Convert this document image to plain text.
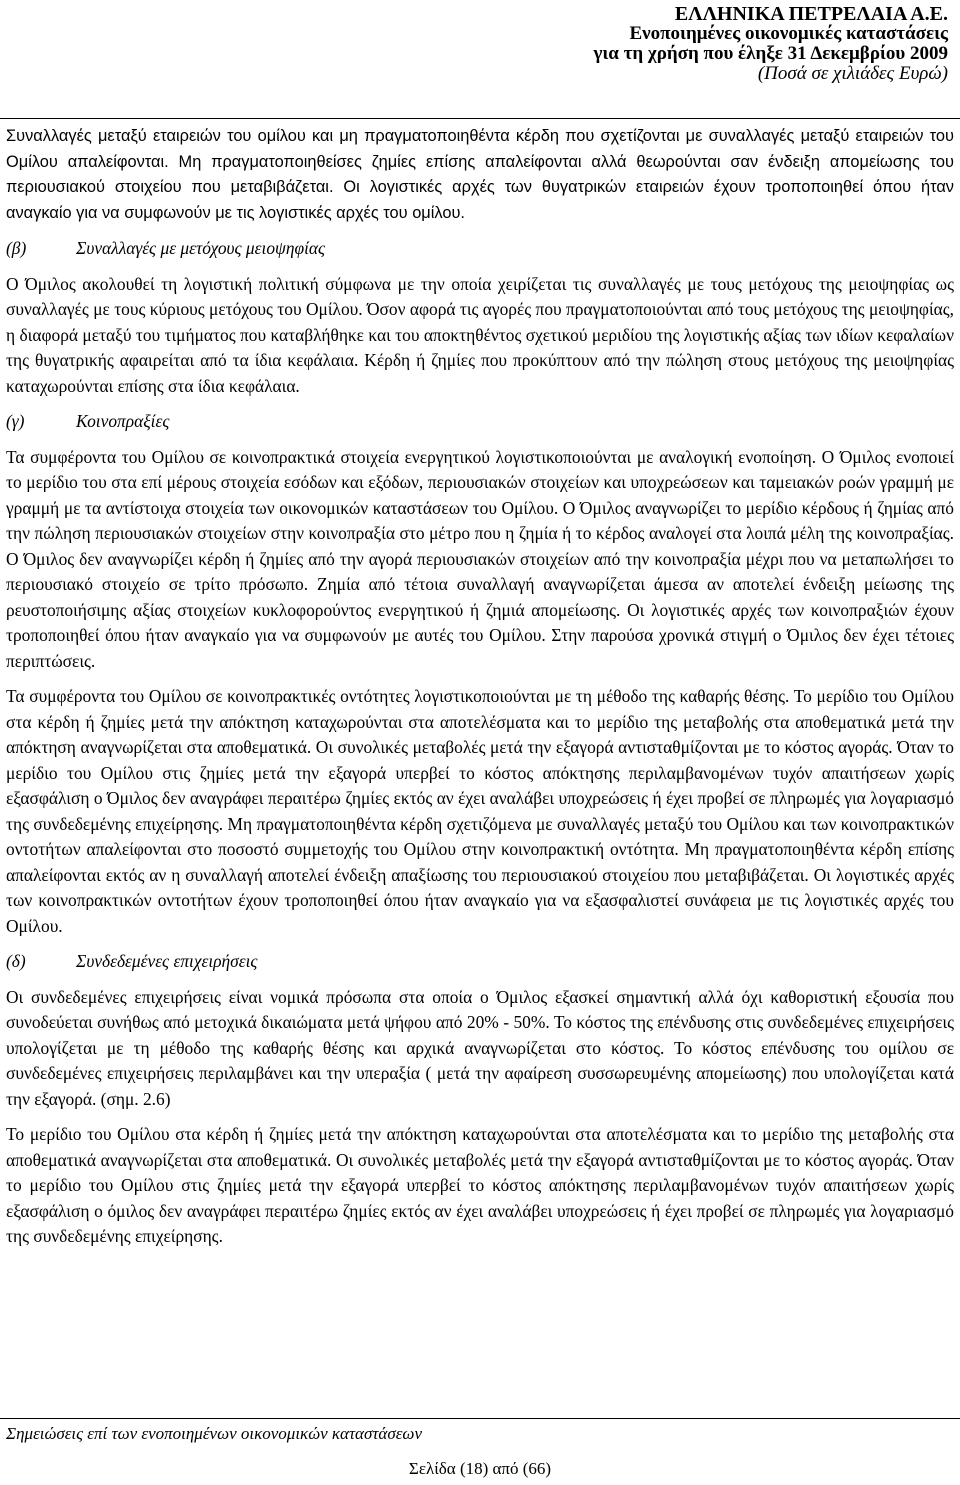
ΕΛΛΗΝΙΚΑ ΠΕΤΡΕΛΑΙΑ Α.Ε.
Ενοποιημένες οικονομικές καταστάσεις
για τη χρήση που έληξε 31 Δεκεμβρίου 2009
(Ποσά σε χιλιάδες Ευρώ)

Συναλλαγές μεταξύ εταιρειών του ομίλου και μη πραγματοποιηθέντα κέρδη που σχετίζονται με συναλλαγές μεταξύ εταιρειών του Ομίλου απαλείφονται. Μη πραγματοποιηθείσες ζημίες επίσης απαλείφονται αλλά θεωρούνται σαν ένδειξη απομείωσης του περιουσιακού στοιχείου που μεταβιβάζεται. Οι λογιστικές αρχές των θυγατρικών εταιρειών έχουν τροποποιηθεί όπου ήταν αναγκαίο για να συμφωνούν με τις λογιστικές αρχές του ομίλου.

(β)	Συναλλαγές με μετόχους μειοψηφίας

Ο Όμιλος ακολουθεί τη λογιστική πολιτική σύμφωνα με την οποία χειρίζεται τις συναλλαγές με τους μετόχους της μειοψηφίας ως συναλλαγές με τους κύριους μετόχους του Ομίλου. Όσον αφορά τις αγορές που πραγματοποιούνται από τους μετόχους της μειοψηφίας, η διαφορά μεταξύ του τιμήματος που καταβλήθηκε και του αποκτηθέντος σχετικού μεριδίου της λογιστικής αξίας των ιδίων κεφαλαίων της θυγατρικής αφαιρείται από τα ίδια κεφάλαια. Κέρδη ή ζημίες που προκύπτουν από την πώληση στους μετόχους της μειοψηφίας καταχωρούνται επίσης στα ίδια κεφάλαια.

(γ)	Κοινοπραξίες

Τα συμφέροντα του Ομίλου σε κοινοπρακτικά στοιχεία ενεργητικού λογιστικοποιούνται με αναλογική ενοποίηση. Ο Όμιλος ενοποιεί το μερίδιο του στα επί μέρους στοιχεία εσόδων και εξόδων, περιουσιακών στοιχείων και υποχρεώσεων και ταμειακών ροών γραμμή με γραμμή με τα αντίστοιχα στοιχεία των οικονομικών καταστάσεων του Ομίλου. Ο Όμιλος αναγνωρίζει το μερίδιο κέρδους ή ζημίας από την πώληση περιουσιακών στοιχείων στην κοινοπραξία στο μέτρο που η ζημία ή το κέρδος αναλογεί στα λοιπά μέλη της κοινοπραξίας. Ο Όμιλος δεν αναγνωρίζει κέρδη ή ζημίες από την αγορά περιουσιακών στοιχείων από την κοινοπραξία μέχρι που να μεταπωλήσει το περιουσιακό στοιχείο σε τρίτο πρόσωπο. Ζημία από τέτοια συναλλαγή αναγνωρίζεται άμεσα αν αποτελεί ένδειξη μείωσης της ρευστοποιήσιμης αξίας στοιχείων κυκλοφορούντος ενεργητικού ή ζημιά απομείωσης. Οι λογιστικές αρχές των κοινοπραξιών έχουν τροποποιηθεί όπου ήταν αναγκαίο για να συμφωνούν με αυτές του Ομίλου. Στην παρούσα χρονικά στιγμή ο Όμιλος δεν έχει τέτοιες περιπτώσεις.

Τα συμφέροντα του Ομίλου σε κοινοπρακτικές οντότητες λογιστικοποιούνται με τη μέθοδο της καθαρής θέσης. Το μερίδιο του Ομίλου στα κέρδη ή ζημίες μετά την απόκτηση καταχωρούνται στα αποτελέσματα και το μερίδιο της μεταβολής στα αποθεματικά μετά την απόκτηση αναγνωρίζεται στα αποθεματικά. Οι συνολικές μεταβολές μετά την εξαγορά αντισταθμίζονται με το κόστος αγοράς. Όταν το μερίδιο του Ομίλου στις ζημίες μετά την εξαγορά υπερβεί το κόστος απόκτησης περιλαμβανομένων τυχόν απαιτήσεων χωρίς εξασφάλιση ο Όμιλος δεν αναγράφει περαιτέρω ζημίες εκτός αν έχει αναλάβει υποχρεώσεις ή έχει προβεί σε πληρωμές για λογαριασμό της συνδεδεμένης επιχείρησης. Μη πραγματοποιηθέντα κέρδη σχετιζόμενα με συναλλαγές μεταξύ του Ομίλου και των κοινοπρακτικών οντοτήτων απαλείφονται στο ποσοστό συμμετοχής του Ομίλου στην κοινοπρακτική οντότητα. Μη πραγματοποιηθέντα κέρδη επίσης απαλείφονται εκτός αν η συναλλαγή αποτελεί ένδειξη απαξίωσης του περιουσιακού στοιχείου που μεταβιβάζεται. Οι λογιστικές αρχές των κοινοπρακτικών οντοτήτων έχουν τροποποιηθεί όπου ήταν αναγκαίο για να εξασφαλιστεί συνάφεια με τις λογιστικές αρχές του Ομίλου.

(δ)	Συνδεδεμένες επιχειρήσεις

Οι συνδεδεμένες επιχειρήσεις είναι νομικά πρόσωπα στα οποία ο Όμιλος εξασκεί σημαντική αλλά όχι καθοριστική εξουσία που συνοδεύεται συνήθως από μετοχικά δικαιώματα μετά ψήφου από 20% - 50%. Το κόστος της επένδυσης στις συνδεδεμένες επιχειρήσεις υπολογίζεται με τη μέθοδο της καθαρής θέσης και αρχικά αναγνωρίζεται στο κόστος. Το κόστος επένδυσης του ομίλου σε συνδεδεμένες επιχειρήσεις περιλαμβάνει και την υπεραξία ( μετά την αφαίρεση συσσωρευμένης απομείωσης) που υπολογίζεται κατά την εξαγορά. (σημ. 2.6)

Το μερίδιο του Ομίλου στα κέρδη ή ζημίες μετά την απόκτηση καταχωρούνται στα αποτελέσματα και το μερίδιο της μεταβολής στα αποθεματικά αναγνωρίζεται στα αποθεματικά. Οι συνολικές μεταβολές μετά την εξαγορά αντισταθμίζονται με το κόστος αγοράς. Όταν το μερίδιο του Ομίλου στις ζημίες μετά την εξαγορά υπερβεί το κόστος απόκτησης περιλαμβανομένων τυχόν απαιτήσεων χωρίς εξασφάλιση ο όμιλος δεν αναγράφει περαιτέρω ζημίες εκτός αν έχει αναλάβει υποχρεώσεις ή έχει προβεί σε πληρωμές για λογαριασμό της συνδεδεμένης επιχείρησης.

Σημειώσεις επί των ενοποιημένων οικονομικών καταστάσεων
Σελίδα (18) από (66)
